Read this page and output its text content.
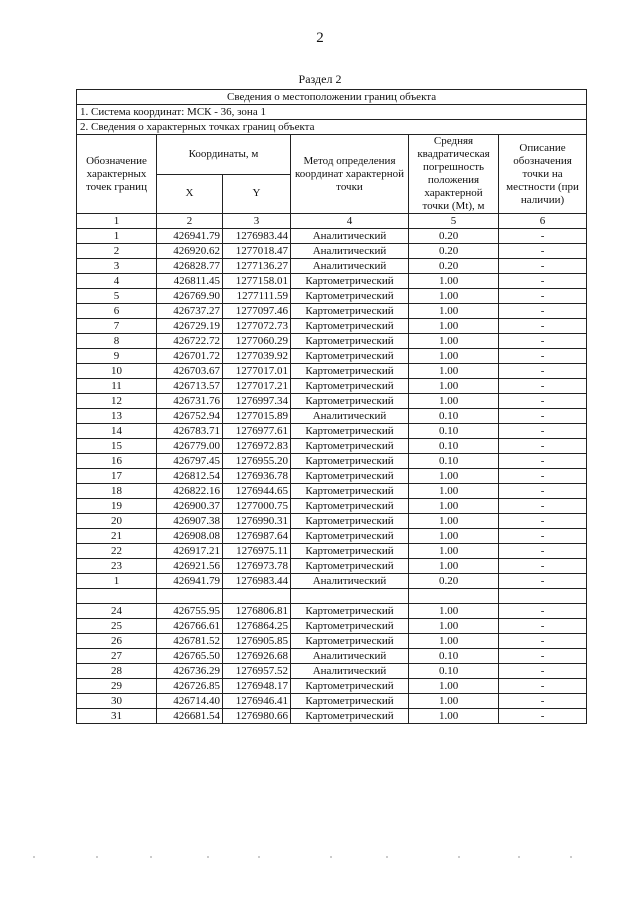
2
Раздел 2
Сведения о местоположении границ объекта					
1. Система координат: МСК - 36, зона 1					
2. Сведения о характерных точках границ объекта					
Обозначение характерных точек границ	Координаты, м		Метод определения координат характерной точки	Средняя квадратическая погрешность положения характерной точки (Mt), м	Описание обозначения точки на местности (при наличии)
	X	Y			
1	2	3	4	5	6
1	426941.79	1276983.44	Аналитический	0.20	-
2	426920.62	1277018.47	Аналитический	0.20	-
3	426828.77	1277136.27	Аналитический	0.20	-
4	426811.45	1277158.01	Картометрический	1.00	-
5	426769.90	1277111.59	Картометрический	1.00	-
6	426737.27	1277097.46	Картометрический	1.00	-
7	426729.19	1277072.73	Картометрический	1.00	-
8	426722.72	1277060.29	Картометрический	1.00	-
9	426701.72	1277039.92	Картометрический	1.00	-
10	426703.67	1277017.01	Картометрический	1.00	-
11	426713.57	1277017.21	Картометрический	1.00	-
12	426731.76	1276997.34	Картометрический	1.00	-
13	426752.94	1277015.89	Аналитический	0.10	-
14	426783.71	1276977.61	Картометрический	0.10	-
15	426779.00	1276972.83	Картометрический	0.10	-
16	426797.45	1276955.20	Картометрический	0.10	-
17	426812.54	1276936.78	Картометрический	1.00	-
18	426822.16	1276944.65	Картометрический	1.00	-
19	426900.37	1277000.75	Картометрический	1.00	-
20	426907.38	1276990.31	Картометрический	1.00	-
21	426908.08	1276987.64	Картометрический	1.00	-
22	426917.21	1276975.11	Картометрический	1.00	-
23	426921.56	1276973.78	Картометрический	1.00	-
1	426941.79	1276983.44	Аналитический	0.20	-

24	426755.95	1276806.81	Картометрический	1.00	-
25	426766.61	1276864.25	Картометрический	1.00	-
26	426781.52	1276905.85	Картометрический	1.00	-
27	426765.50	1276926.68	Аналитический	0.10	-
28	426736.29	1276957.52	Аналитический	0.10	-
29	426726.85	1276948.17	Картометрический	1.00	-
30	426714.40	1276946.41	Картометрический	1.00	-
31	426681.54	1276980.66	Картометрический	1.00	-
